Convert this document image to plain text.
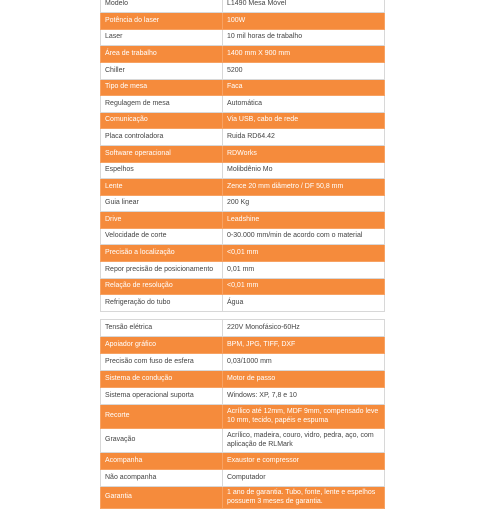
Modelo	L1490 Mesa Móvel
Potência do laser	100W
Laser	10 mil horas de trabalho
Área de trabalho	1400 mm X 900 mm
Chiller	5200
Tipo de mesa	Faca
Regulagem de mesa	Automática
Comunicação	Via USB, cabo de rede
Placa controladora	Ruida RD64.42
Software operacional	RDWorks
Espelhos	Molibdênio Mo
Lente	Zence 20 mm diâmetro / DF 50,8 mm
Guia linear	200 Kg
Drive	Leadshine
Velocidade de corte	0-30.000 mm/min de acordo com o material
Precisão a localização	<0,01 mm
Repor precisão de posicionamento	0,01 mm
Relação de resolução	<0,01 mm
Refrigeração do tubo	Água
Tensão elétrica	220V Monofásico-60Hz
Apoiador gráfico	BPM, JPG, TIFF, DXF
Precisão com fuso de esfera	0,03/1000 mm
Sistema de condução	Motor de passo
Sistema operacional suporta	Windows: XP, 7,8 e 10
Recorte	Acrílico até 12mm, MDF 9mm, compensado leve 10 mm, tecido, papéis e espuma
Gravação	Acrílico, madeira, couro, vidro, pedra, aço, com aplicação de RLMark
Acompanha	Exaustor e compressor
Não acompanha	Computador
Garantia	1 ano de garantia. Tubo, fonte, lente e espelhos possuem 3 meses de garantia.
